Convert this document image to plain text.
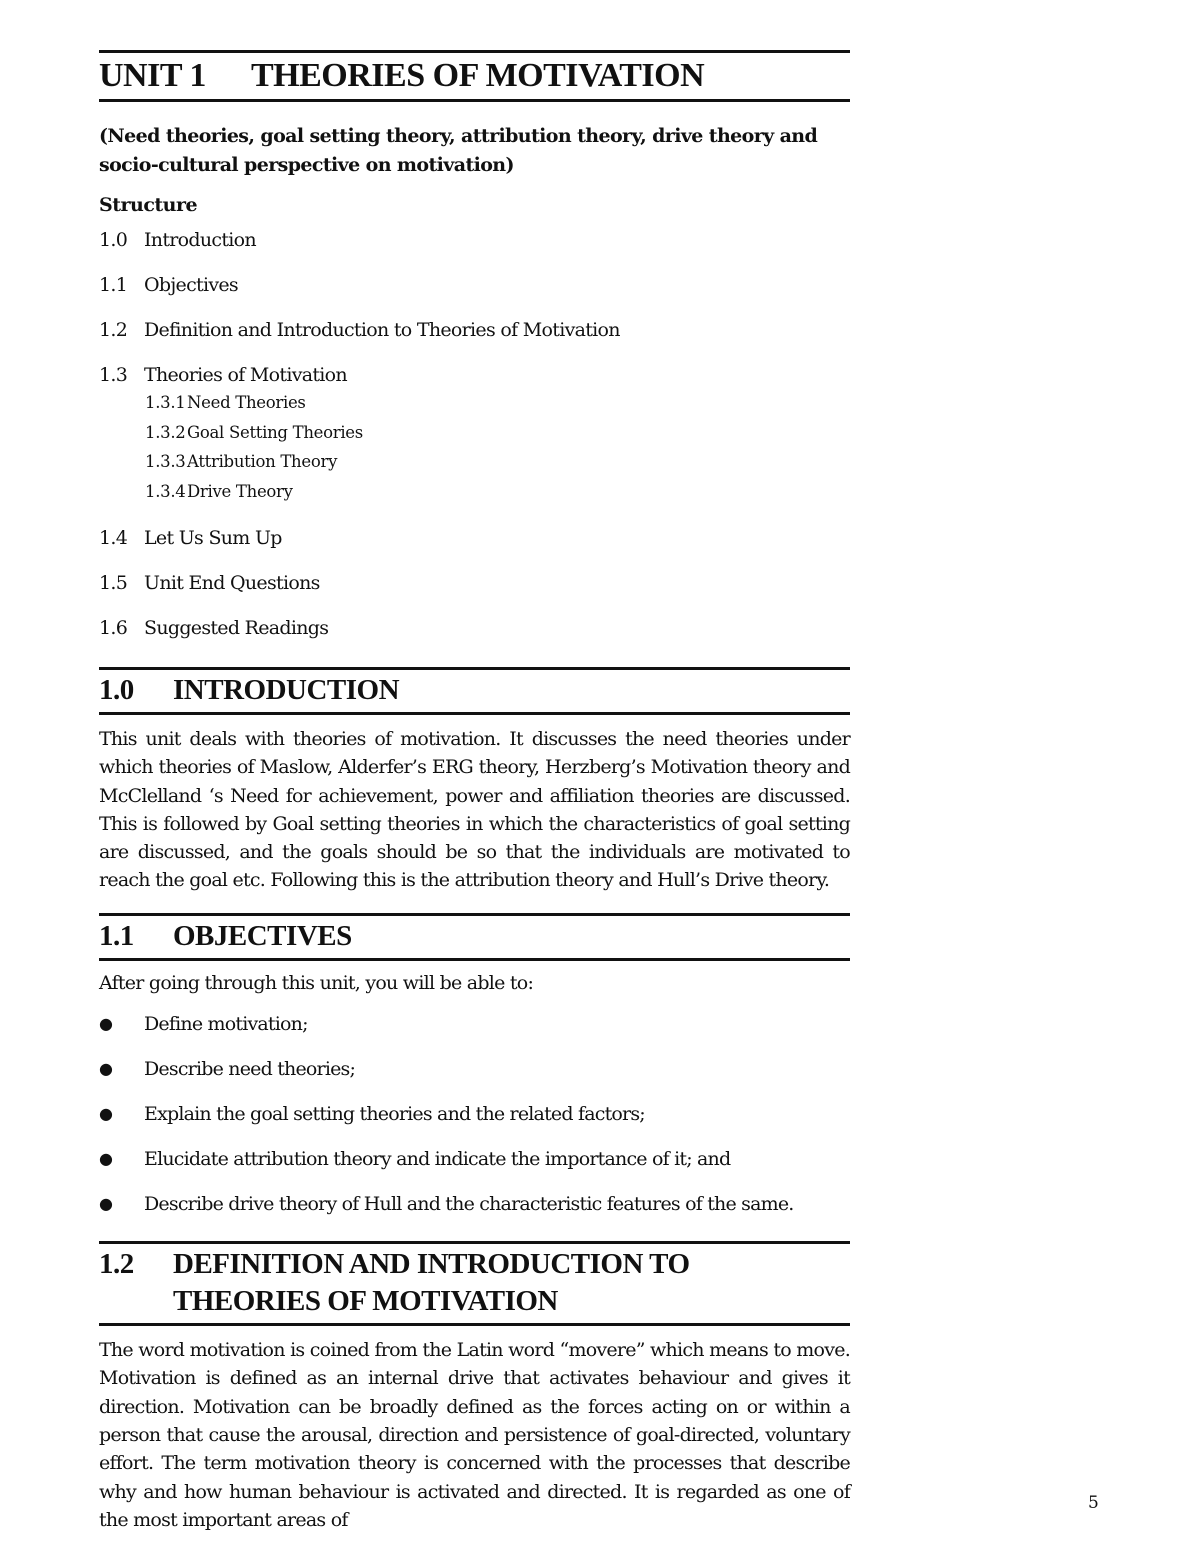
UNIT 1 THEORIES OF MOTIVATION
(Need theories, goal setting theory, attribution theory, drive theory and socio-cultural perspective on motivation)
Structure
1.0 Introduction
1.1 Objectives
1.2 Definition and Introduction to Theories of Motivation
1.3 Theories of Motivation
1.3.1Need Theories
1.3.2Goal Setting Theories
1.3.3Attribution Theory
1.3.4Drive Theory
1.4 Let Us Sum Up
1.5 Unit End Questions
1.6 Suggested Readings
1.0 INTRODUCTION
This unit deals with theories of motivation. It discusses the need theories under which theories of Maslow, Alderfer’s ERG theory, Herzberg’s Motivation theory and McClelland ‘s Need for achievement, power and affiliation theories are discussed. This is followed by Goal setting theories in which the characteristics of goal setting are discussed, and the goals should be so that the individuals are motivated to reach the goal etc. Following this is the attribution theory and Hull’s Drive theory.
1.1 OBJECTIVES
After going through this unit, you will be able to:
●	Define motivation;
●	Describe need theories;
●	Explain the goal setting theories and the related factors;
●	Elucidate attribution theory and indicate the importance of it; and
●	Describe drive theory of Hull and the characteristic features of the same.
1.2 DEFINITION AND INTRODUCTION TO
THEORIES OF MOTIVATION
The word motivation is coined from the Latin word “movere” which means to move. Motivation is defined as an internal drive that activates behaviour and gives it direction. Motivation can be broadly defined as the forces acting on or within a person that cause the arousal, direction and persistence of goal-directed, voluntary effort. The term motivation theory is concerned with the processes that describe why and how human behaviour is activated and directed. It is regarded as one of the most important areas of
5
